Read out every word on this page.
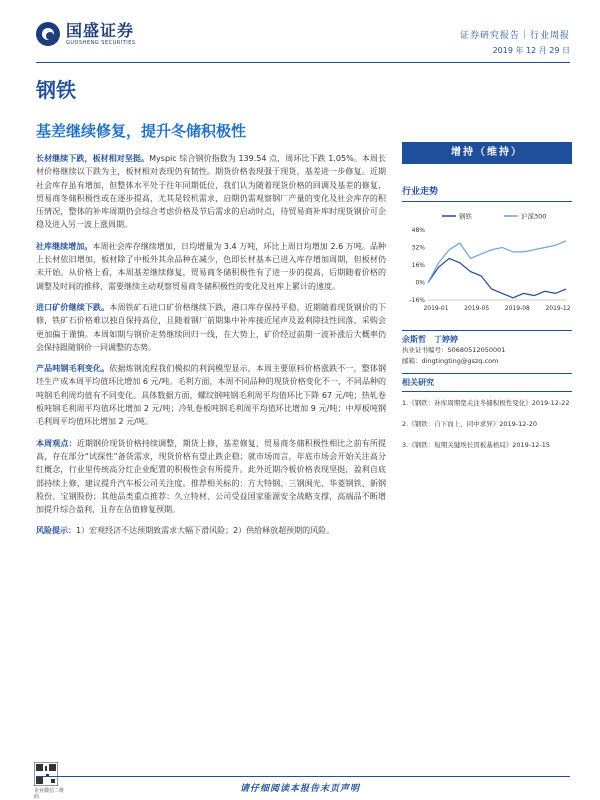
国盛证券
GUOSHENG SECURITIES
证券研究报告｜行业周报
2019 年 12 月 29 日
钢铁
基差继续修复，提升冬储积极性
长材继续下跌，板材相对坚挺。Myspic 综合钢价指数为 139.54 点，周环比下跌 1.05%。本周长材价格继续以下跌为主，板材相对表现仍有韧性。期货价格表现强于现货，基差进一步修复。近期社会库存虽有增加，但整体水平处于往年同期低位，我们认为随着现货价格的回调及基差的修复，贸易商冬储积极性或在逐步提高，尤其是较机需求，启期仍需观察钢厂产量的变化及社会库存的积压情况，整体的补库周期仍会综合考虑价格及节后需求的启动时点，待贸易商补库时现货钢价可企稳及进入另一波上涨周期。
社库继续增加。本周社会库存继续增加，日均增量为 3.4 万吨，环比上周日均增加 2.6 万吨。品种上长材依旧增加，板材除了中板外其余品种在减少，色即长材基本已进入库存增加周期，但板材仍未开始。从价格上看，本周基差继续修复，贸易商冬储积极性有了进一步的提高，后期随着价格的调整及时间的推移，需要继续主动观察贸易商冬储积极性的变化及社库上累计的速度。
进口矿价继续下跌。本周铁矿石进口矿价格继续下跌，港口库存保持平稳，近期随着现货钢价的下修，铁矿石价格难以独自保持高位，且随着钢厂前期集中补库接近尾声及盈利除技性回落，采购会更加偏于谨慎。本周如期与钢价走势继续回归一线，在大势上，矿价经过前期一波补涨后大概率仍会保持跟随钢价一同调整的态势。
产品吨钢毛利变化。依据炼钢流程我们模拟的利润模型显示，本周主要原料价格涨跌不一，整体钢坯生产成本周平均值环比增加 6 元/吨。毛利方面，本周不同品种的现货价格变化不一，不同品种的吨钢毛利周均值有不同变化。具体数据方面，螺纹钢吨钢毛利周平均值环比下降 67 元/吨；热轧卷板吨钢毛利周平均值环比增加 2 元/吨；冷轧卷板吨钢毛利周平均值环比增加 9 元/吨；中厚板吨钢毛利周平均值环比增加 2 元/吨。
本周观点：近期钢价现货价格持续调整，期货上修，基差修复，贸易商冬储积极性相比之前有所提高，存在部分“试探性”备货需求，现货价格有望止跌企稳；就市场而言，年底市场会开始关注高分红概念，行业里传统高分红企业配置的积极性会有所提升。此外近期冷板价格表现坚挺，盈利自底部持续上修，建议提升汽车板公司关注度。推荐相关标的：方大特钢、三钢闽光、华菱钢铁、新钢股份、宝钢股份；其他品类重点推荐：久立特材、公司受益国家能源安全战略支撑，高端品不断增加提升综合盈利，且存在估值修复预期。
风险提示：1）宏观经济不达预期致需求大幅下滑风险；2）供给释放超预期的风险。
增持（维持）
行业走势
钢铁	沪深300
48%
32%
16%
0%
-16%
2019-01	2019-05	2019-08	2019-12
余斯哲　丁婷婷
执业证书编号：S0680512050001
邮箱：dingtingting@gszq.com
相关研究
1.《钢铁：补库周期宽关注冬储积极性变化》2019-12-22
2.《钢铁：自下而上，同中求异》2019-12-20
3.《钢铁：短期关键埃长因板基格局》2019-12-15
企业微信二维码
请仔细阅读本报告末页声明
